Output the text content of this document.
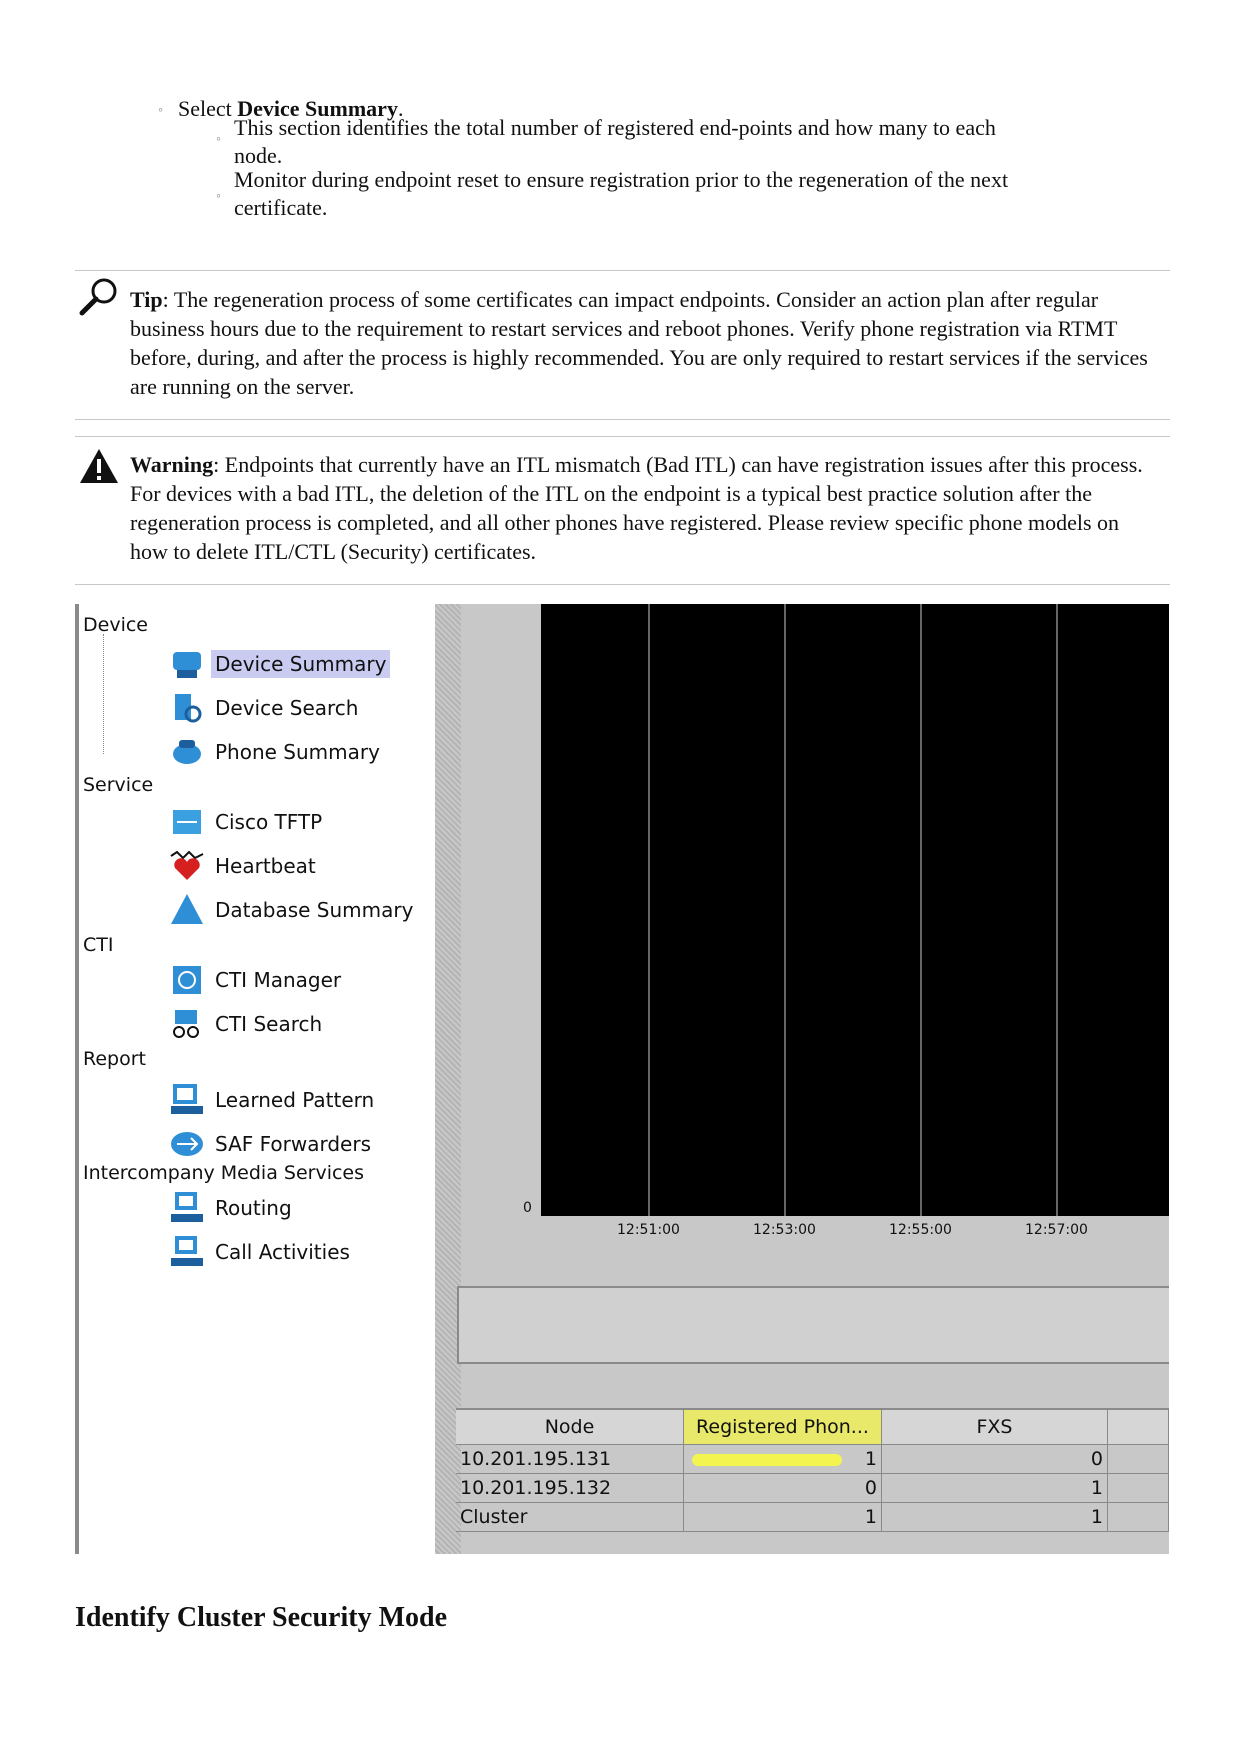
◦ Select Device Summary.
◦ This section identifies the total number of registered end-points and how many to each node.
◦
Monitor during endpoint reset to ensure registration prior to the regeneration of the next certificate.
Tip: The regeneration process of some certificates can impact endpoints. Consider an action plan after regular business hours due to the requirement to restart services and reboot phones. Verify phone registration via RTMT before, during, and after the process is highly recommended. You are only required to restart services if the services are running on the server.
Warning: Endpoints that currently have an ITL mismatch (Bad ITL) can have registration issues after this process. For devices with a bad ITL, the deletion of the ITL on the endpoint is a typical best practice solution after the regeneration process is completed, and all other phones have registered. Please review specific phone models on how to delete ITL/CTL (Security) certificates.
Device
Device Summary
Device Search
Phone Summary
Service
Cisco TFTP
Heartbeat
Database Summary
CTI
CTI Manager
CTI Search
Report
Learned Pattern
SAF Forwarders
Intercompany Media Services
Routing
Call Activities
0
12:51:00	12:53:00	12:55:00	12:57:00
Node	Registered Phon...	FXS
10.201.195.131	1	0
10.201.195.132	0	1
Cluster	1	1
Identify Cluster Security Mode
